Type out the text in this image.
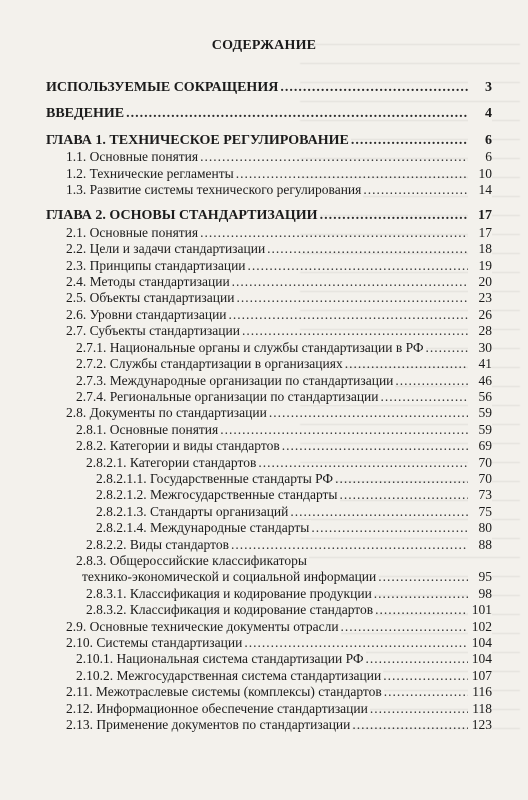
СОДЕРЖАНИЕ
ИСПОЛЬЗУЕМЫЕ СОКРАЩЕНИЯ .....	3
ВВЕДЕНИЕ .....	4
ГЛАВА 1. ТЕХНИЧЕСКОЕ РЕГУЛИРОВАНИЕ .....	6
1.1. Основные понятия .....	6
1.2. Технические регламенты .....	10
1.3. Развитие системы технического регулирования .....	14
ГЛАВА 2. ОСНОВЫ СТАНДАРТИЗАЦИИ .....	17
2.1. Основные понятия .....	17
2.2. Цели и задачи стандартизации .....	18
2.3. Принципы стандартизации .....	19
2.4. Методы стандартизации .....	20
2.5. Объекты стандартизации .....	23
2.6. Уровни стандартизации .....	26
2.7. Субъекты стандартизации .....	28
2.7.1. Национальные органы и службы стандартизации в РФ .....	30
2.7.2. Службы стандартизации в организациях .....	41
2.7.3. Международные организации по стандартизации .....	46
2.7.4. Региональные организации по стандартизации .....	56
2.8. Документы по стандартизации .....	59
2.8.1. Основные понятия .....	59
2.8.2. Категории и виды стандартов .....	69
2.8.2.1. Категории стандартов .....	70
2.8.2.1.1. Государственные стандарты РФ .....	70
2.8.2.1.2. Межгосударственные стандарты .....	73
2.8.2.1.3. Стандарты организаций .....	75
2.8.2.1.4. Международные стандарты .....	80
2.8.2.2. Виды стандартов .....	88
2.8.3. Общероссийские классификаторы
технико-экономической и социальной информации .....	95
2.8.3.1. Классификация и кодирование продукции .....	98
2.8.3.2. Классификация и кодирование стандартов .....	101
2.9. Основные технические документы отрасли .....	102
2.10. Системы стандартизации .....	104
2.10.1. Национальная система стандартизации РФ .....	104
2.10.2. Межгосударственная система стандартизации .....	107
2.11. Межотраслевые системы (комплексы) стандартов .....	116
2.12. Информационное обеспечение стандартизации .....	118
2.13. Применение документов по стандартизации .....	123
